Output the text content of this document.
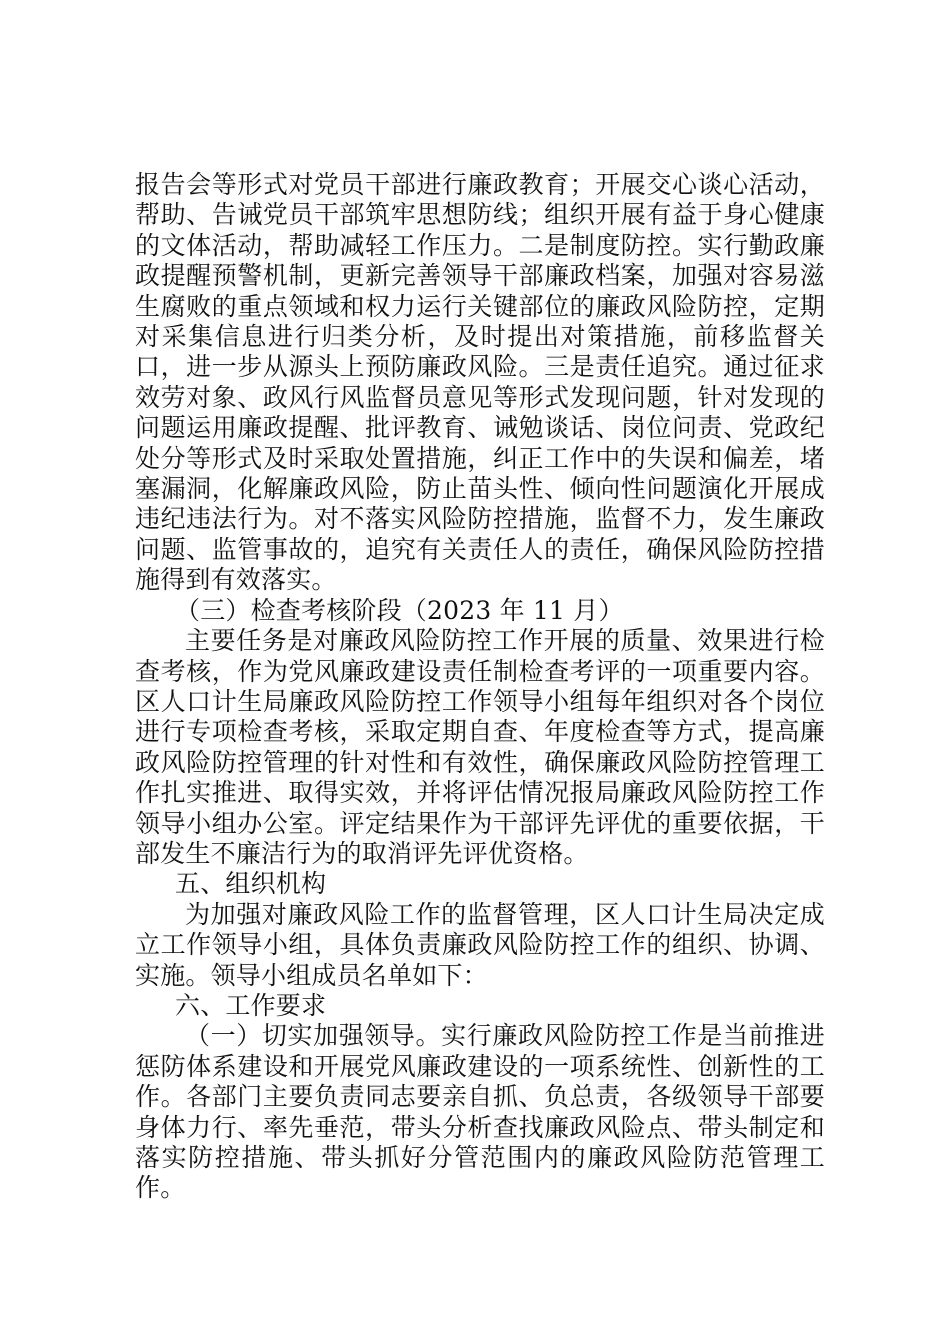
报告会等形式对党员干部进行廉政教育；开展交心谈心活动，帮助、告诫党员干部筑牢思想防线；组织开展有益于身心健康的文体活动，帮助减轻工作压力。二是制度防控。实行勤政廉政提醒预警机制，更新完善领导干部廉政档案，加强对容易滋生腐败的重点领域和权力运行关键部位的廉政风险防控，定期对采集信息进行归类分析，及时提出对策措施，前移监督关口，进一步从源头上预防廉政风险。三是责任追究。通过征求效劳对象、政风行风监督员意见等形式发现问题，针对发现的问题运用廉政提醒、批评教育、诫勉谈话、岗位问责、党政纪处分等形式及时采取处置措施，纠正工作中的失误和偏差，堵塞漏洞，化解廉政风险，防止苗头性、倾向性问题演化开展成违纪违法行为。对不落实风险防控措施，监督不力，发生廉政问题、监管事故的，追究有关责任人的责任，确保风险防控措施得到有效落实。

（三）检查考核阶段（2023 年 11 月）

主要任务是对廉政风险防控工作开展的质量、效果进行检查考核，作为党风廉政建设责任制检查考评的一项重要内容。区人口计生局廉政风险防控工作领导小组每年组织对各个岗位进行专项检查考核，采取定期自查、年度检查等方式，提高廉政风险防控管理的针对性和有效性，确保廉政风险防控管理工作扎实推进、取得实效，并将评估情况报局廉政风险防控工作领导小组办公室。评定结果作为干部评先评优的重要依据，干部发生不廉洁行为的取消评先评优资格。

五、组织机构

为加强对廉政风险工作的监督管理，区人口计生局决定成立工作领导小组，具体负责廉政风险防控工作的组织、协调、实施。领导小组成员名单如下：

六、工作要求

（一）切实加强领导。实行廉政风险防控工作是当前推进惩防体系建设和开展党风廉政建设的一项系统性、创新性的工作。各部门主要负责同志要亲自抓、负总责，各级领导干部要身体力行、率先垂范，带头分析查找廉政风险点、带头制定和落实防控措施、带头抓好分管范围内的廉政风险防范管理工作。
